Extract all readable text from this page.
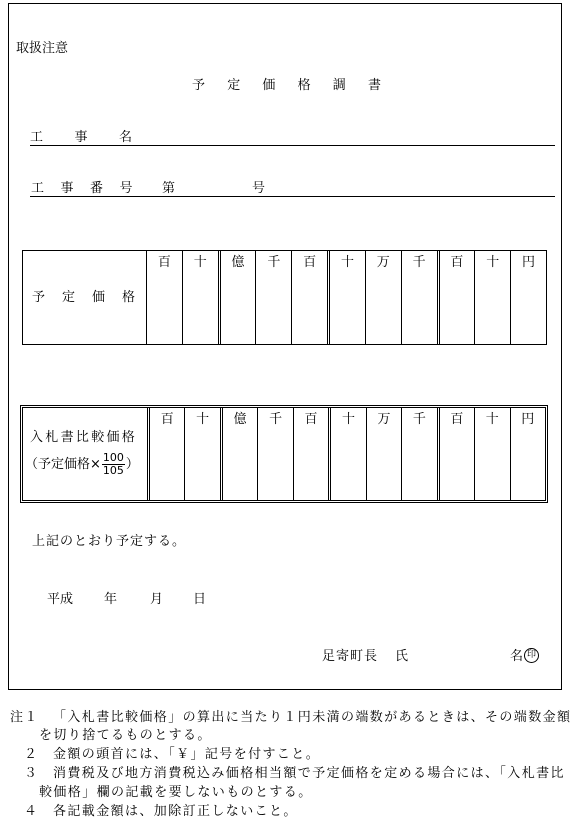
取扱注意
予定価格調書
工事名
工事番号 第	号
予定価格
百	十	億	千	百	十	万	千	百	十	円
入札書比較価格
（予定価格× $\frac{100}{105}$ ）
百	十	億	千	百	十	万	千	百	十	円
上記のとおり予定する。
平成 年	月 日
足寄町長 氏	名 印
注１ 「入札書比較価格」の算出に当たり１円未満の端数があるときは、その端数金額
を切り捨てるものとする。
２ 金額の頭首には、「￥」記号を付すこと。
３ 消費税及び地方消費税込み価格相当額で予定価格を定める場合には、「入札書比
較価格」欄の記載を要しないものとする。
４ 各記載金額は、加除訂正しないこと。
